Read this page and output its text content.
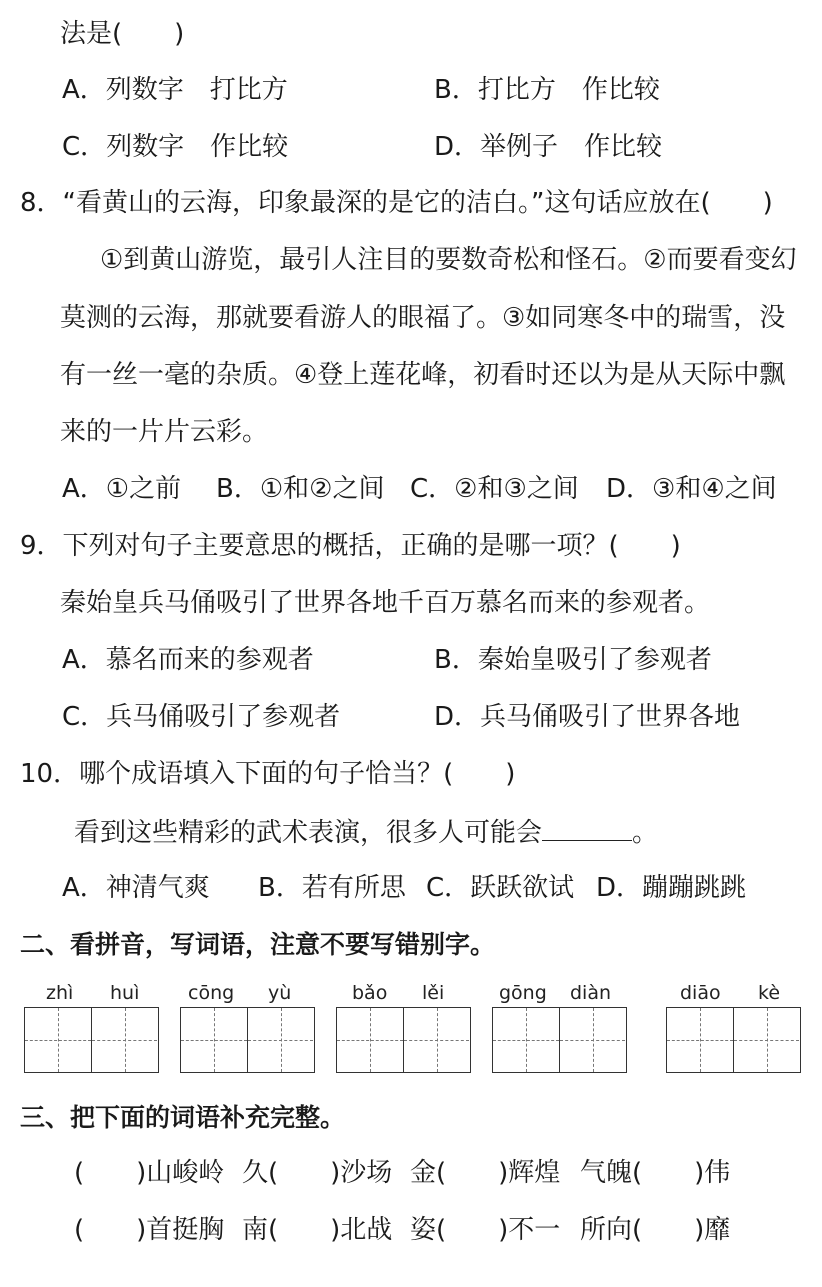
法是(　　)
A．列数字　打比方	B．打比方　作比较
C．列数字　作比较	D．举例子　作比较
8．“看黄山的云海，印象最深的是它的洁白。”这句话应放在(　　)
①到黄山游览，最引人注目的要数奇松和怪石。②而要看变幻
莫测的云海，那就要看游人的眼福了。③如同寒冬中的瑞雪，没
有一丝一毫的杂质。④登上莲花峰，初看时还以为是从天际中飘
来的一片片云彩。
A．①之前 B．①和②之间 C．②和③之间 D．③和④之间
9．下列对句子主要意思的概括，正确的是哪一项？(　　)
秦始皇兵马俑吸引了世界各地千百万慕名而来的参观者。
A．慕名而来的参观者	B．秦始皇吸引了参观者
C．兵马俑吸引了参观者	D．兵马俑吸引了世界各地
10．哪个成语填入下面的句子恰当？(　　)
看到这些精彩的武术表演，很多人可能会	。
A．神清气爽 B．若有所思 C．跃跃欲试 D．蹦蹦跳跳
二、看拼音，写词语，注意不要写错别字。
zhì huì	cōng yù	bǎo lěi	gōng diàn	diāo kè
三、把下面的词语补充完整。
(　　)山峻岭 久(　　)沙场 金(　　)辉煌 气魄(　　)伟
(　　)首挺胸 南(　　)北战 姿(　　)不一 所向(　　)靡
